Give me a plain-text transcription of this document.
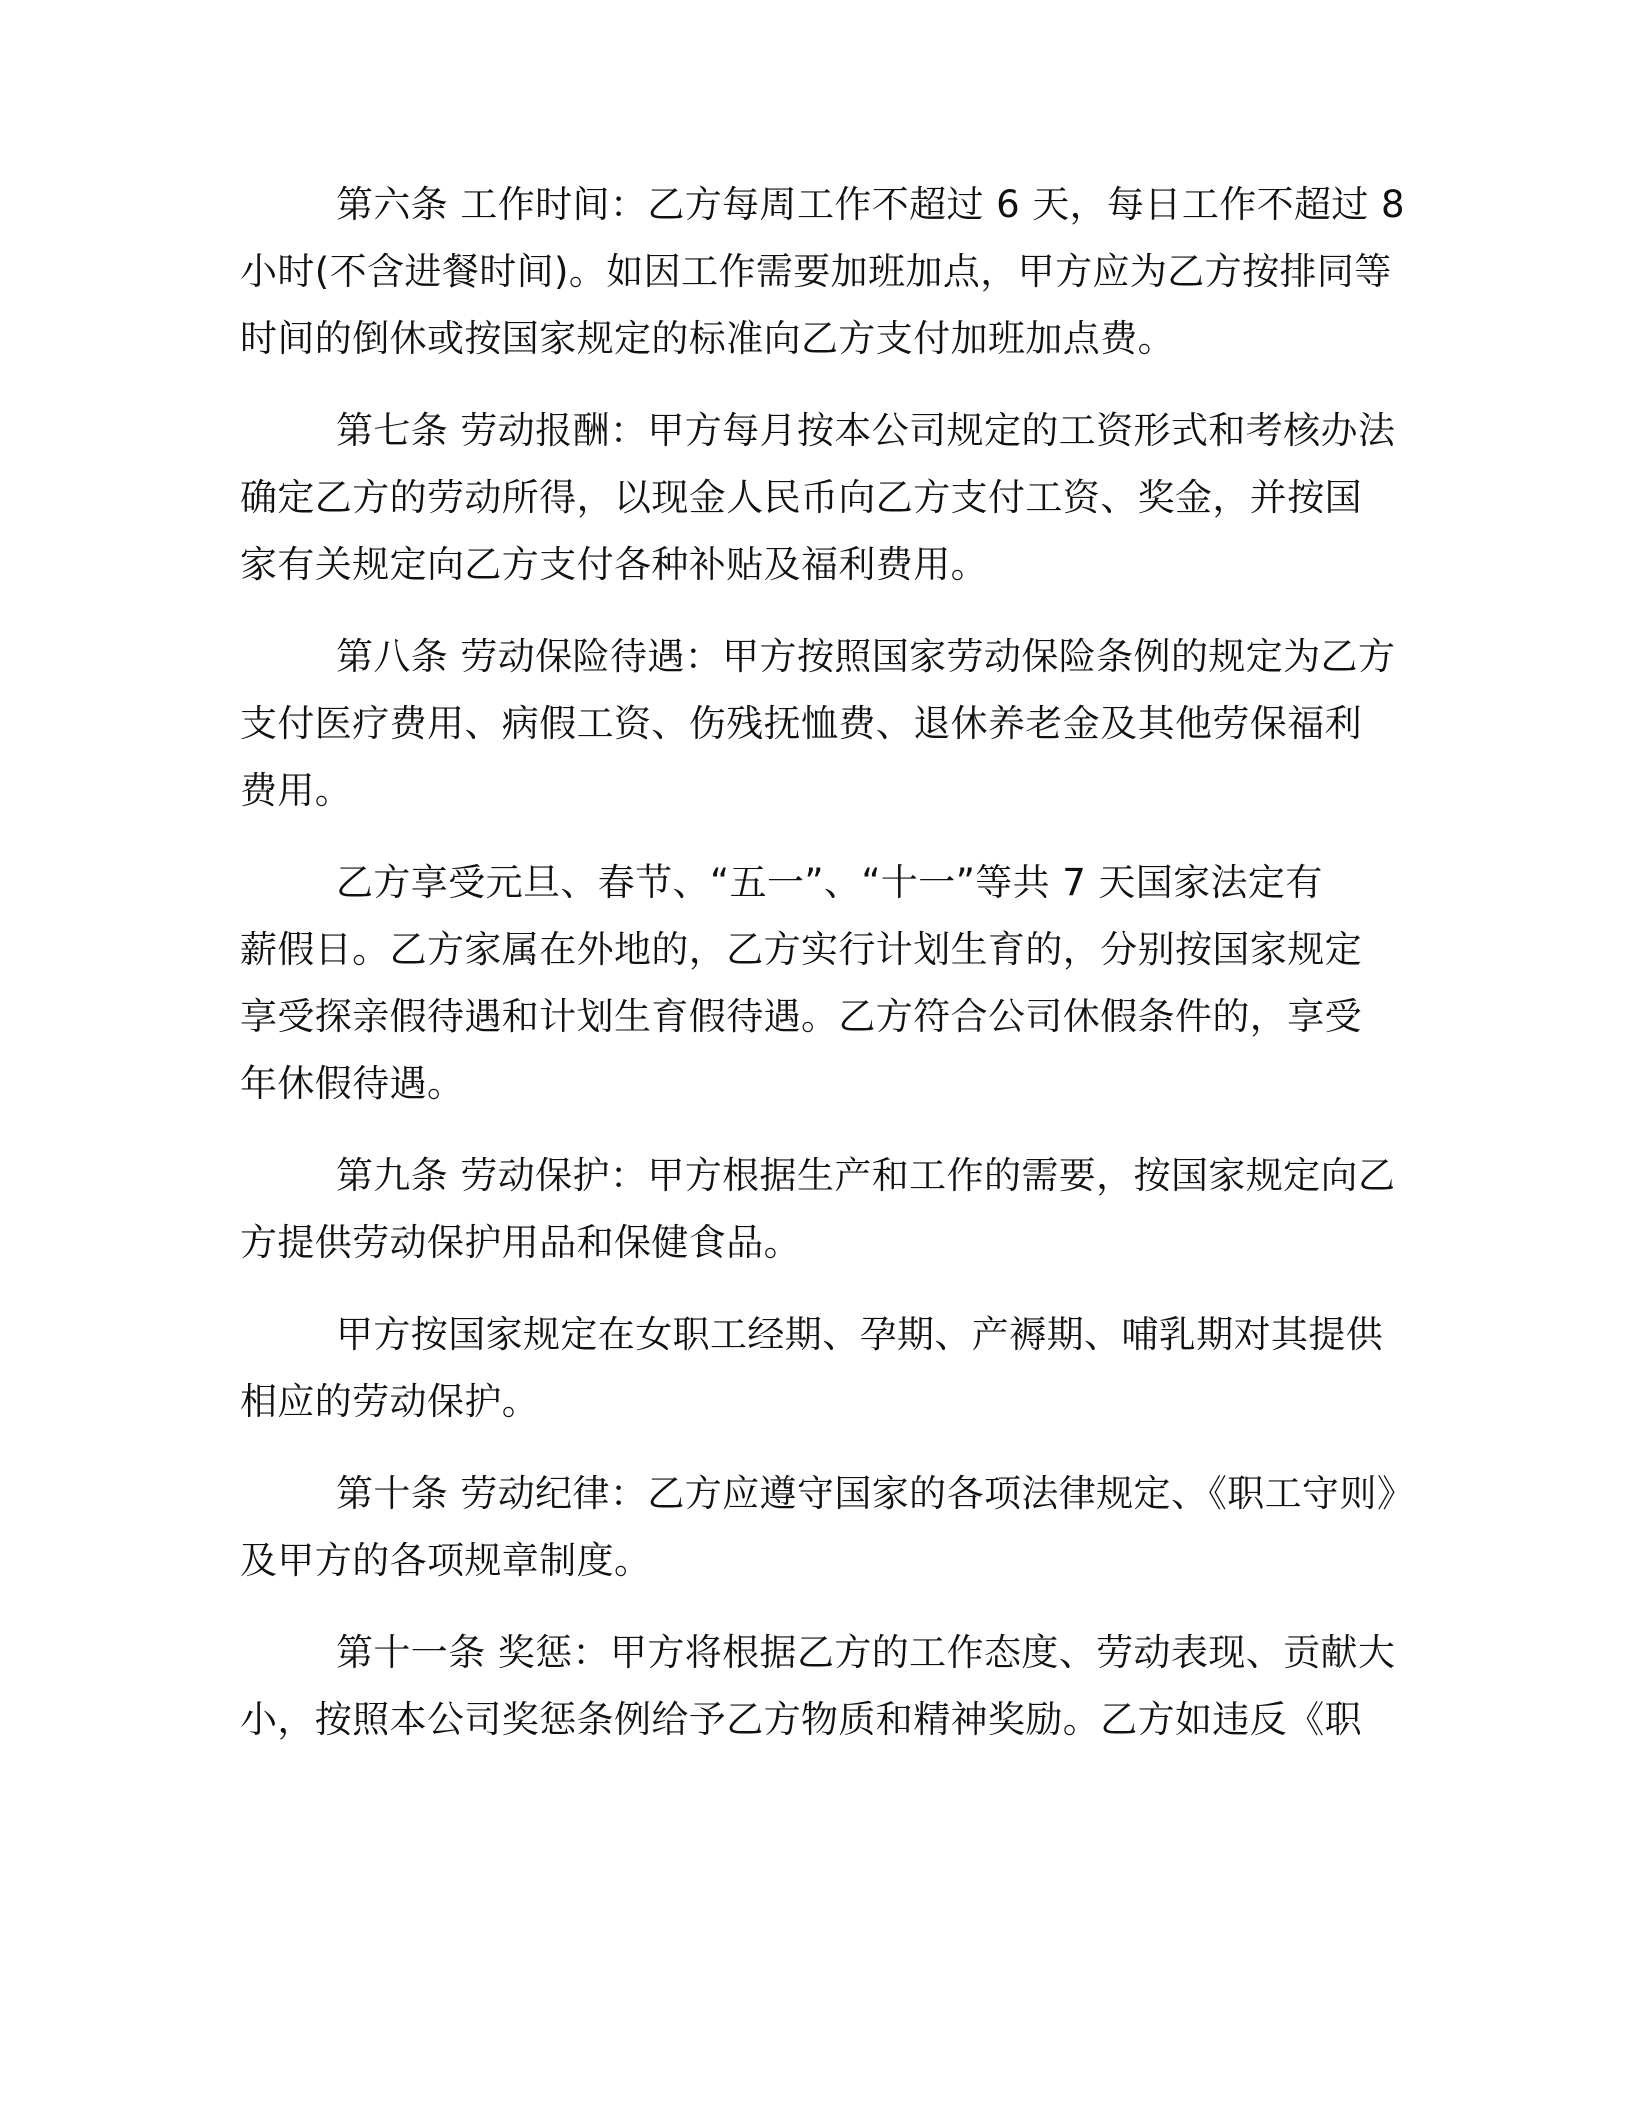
第六条 工作时间：乙方每周工作不超过 6 天，每日工作不超过 8
小时(不含进餐时间)。如因工作需要加班加点，甲方应为乙方按排同等
时间的倒休或按国家规定的标准向乙方支付加班加点费。
第七条 劳动报酬：甲方每月按本公司规定的工资形式和考核办法
确定乙方的劳动所得，以现金人民币向乙方支付工资、奖金，并按国
家有关规定向乙方支付各种补贴及福利费用。
第八条 劳动保险待遇：甲方按照国家劳动保险条例的规定为乙方
支付医疗费用、病假工资、伤残抚恤费、退休养老金及其他劳保福利
费用。
乙方享受元旦、春节、“五一”、“十一”等共 7 天国家法定有
薪假日。乙方家属在外地的，乙方实行计划生育的，分别按国家规定
享受探亲假待遇和计划生育假待遇。乙方符合公司休假条件的，享受
年休假待遇。
第九条 劳动保护：甲方根据生产和工作的需要，按国家规定向乙
方提供劳动保护用品和保健食品。
甲方按国家规定在女职工经期、孕期、产褥期、哺乳期对其提供
相应的劳动保护。
第十条 劳动纪律：乙方应遵守国家的各项法律规定、《职工守则》
及甲方的各项规章制度。
第十一条 奖惩：甲方将根据乙方的工作态度、劳动表现、贡献大
小，按照本公司奖惩条例给予乙方物质和精神奖励。乙方如违反《职
